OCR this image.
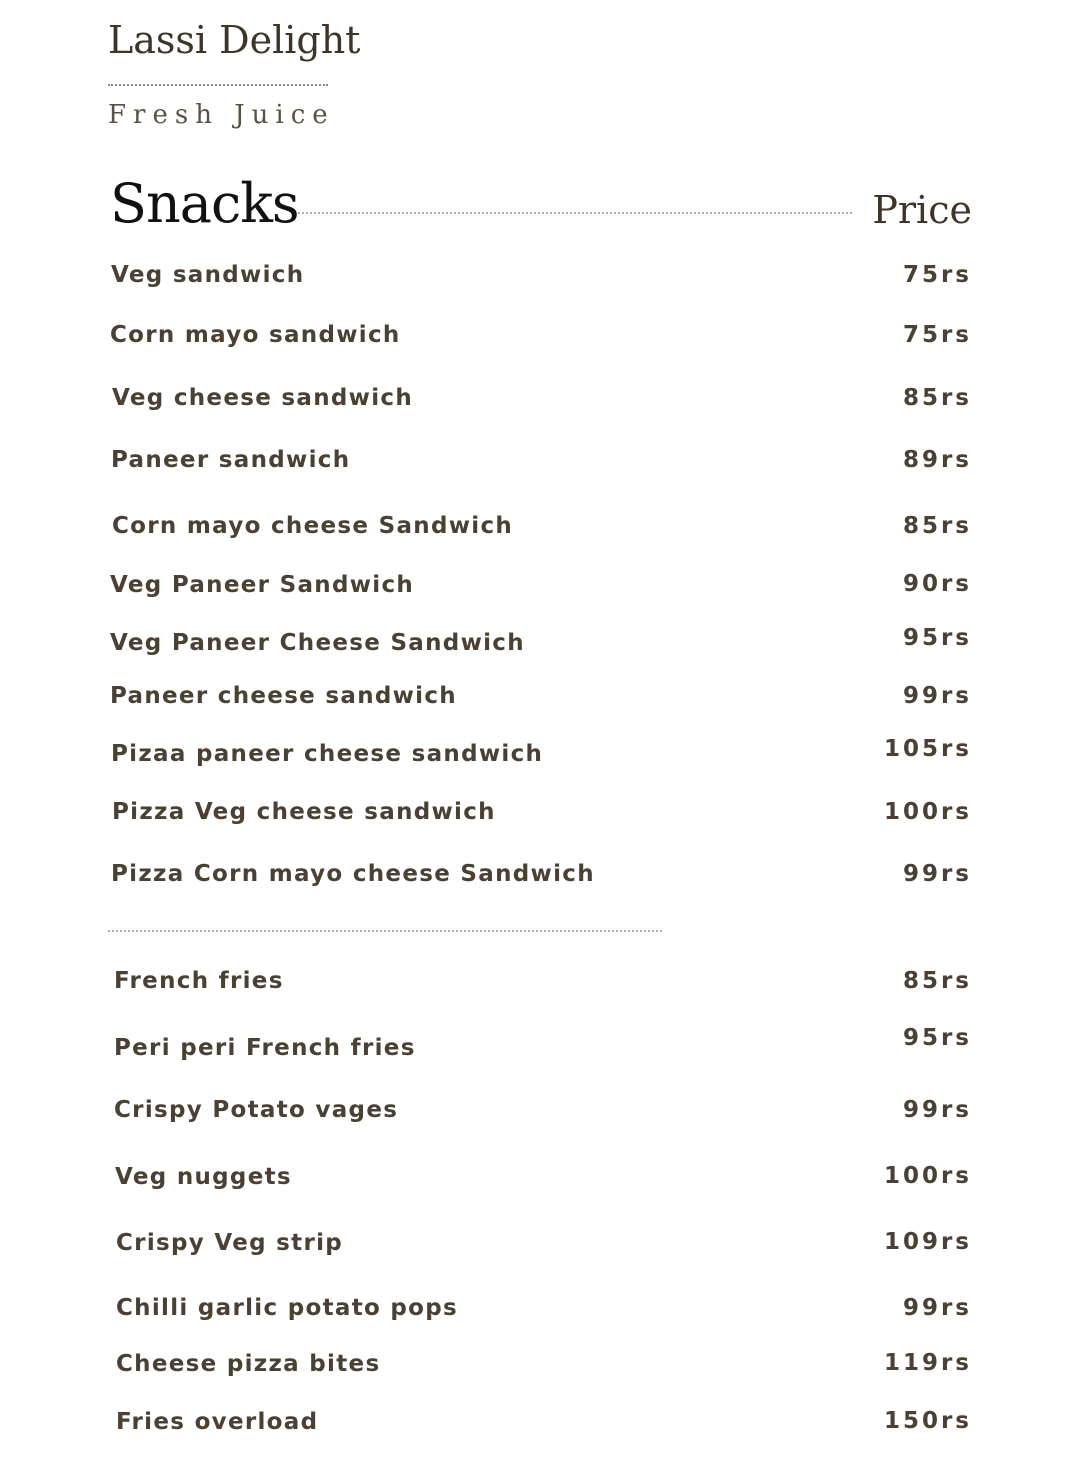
Lassi Delight
Fresh Juice
Snacks	Price
Veg sandwich	75rs
Corn mayo sandwich	75rs
Veg cheese sandwich	85rs
Paneer sandwich	89rs
Corn mayo cheese Sandwich	85rs
Veg Paneer Sandwich	90rs
Veg Paneer Cheese Sandwich	95rs
Paneer cheese sandwich	99rs
Pizaa paneer cheese sandwich	105rs
Pizza Veg cheese sandwich	100rs
Pizza Corn mayo cheese Sandwich	99rs
French fries	85rs
Peri peri French fries	95rs
Crispy Potato vages	99rs
Veg nuggets	100rs
Crispy Veg strip	109rs
Chilli garlic potato pops	99rs
Cheese pizza bites	119rs
Fries overload	150rs
